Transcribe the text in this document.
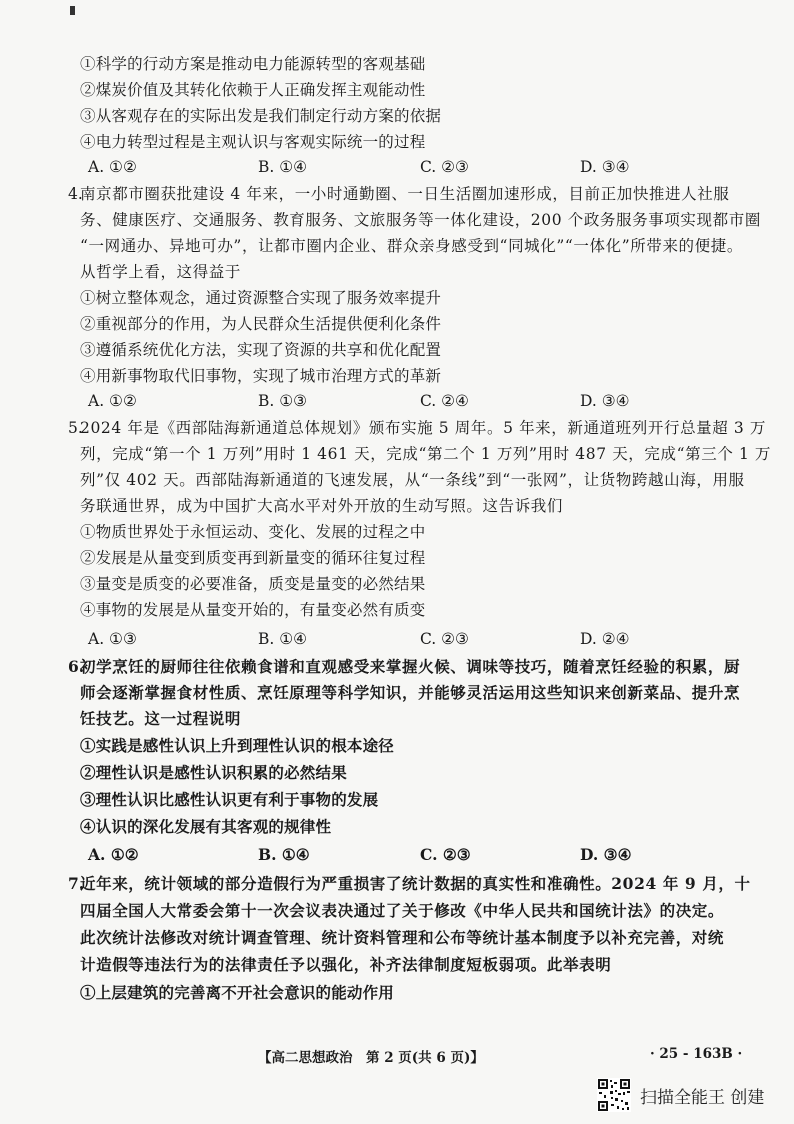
①科学的行动方案是推动电力能源转型的客观基础
②煤炭价值及其转化依赖于人正确发挥主观能动性
③从客观存在的实际出发是我们制定行动方案的依据
④电力转型过程是主观认识与客观实际统一的过程
A. ①②	B. ①④	C. ②③	D. ③④
4.
南京都市圈获批建设 4 年来，一小时通勤圈、一日生活圈加速形成，目前正加快推进人社服
务、健康医疗、交通服务、教育服务、文旅服务等一体化建设，200 个政务服务事项实现都市圈
“一网通办、异地可办”，让都市圈内企业、群众亲身感受到“同城化”“一体化”所带来的便捷。
从哲学上看，这得益于
①树立整体观念，通过资源整合实现了服务效率提升
②重视部分的作用，为人民群众生活提供便利化条件
③遵循系统优化方法，实现了资源的共享和优化配置
④用新事物取代旧事物，实现了城市治理方式的革新
A. ①②	B. ①③	C. ②④	D. ③④
5.
2024 年是《西部陆海新通道总体规划》颁布实施 5 周年。5 年来，新通道班列开行总量超 3 万
列，完成“第一个 1 万列”用时 1 461 天，完成“第二个 1 万列”用时 487 天，完成“第三个 1 万
列”仅 402 天。西部陆海新通道的飞速发展，从“一条线”到“一张网”，让货物跨越山海，用服
务联通世界，成为中国扩大高水平对外开放的生动写照。这告诉我们
①物质世界处于永恒运动、变化、发展的过程之中
②发展是从量变到质变再到新量变的循环往复过程
③量变是质变的必要准备，质变是量变的必然结果
④事物的发展是从量变开始的，有量变必然有质变
A. ①③	B. ①④	C. ②③	D. ②④
6.
初学烹饪的厨师往往依赖食谱和直观感受来掌握火候、调味等技巧，随着烹饪经验的积累，厨
师会逐渐掌握食材性质、烹饪原理等科学知识，并能够灵活运用这些知识来创新菜品、提升烹
饪技艺。这一过程说明
①实践是感性认识上升到理性认识的根本途径
②理性认识是感性认识积累的必然结果
③理性认识比感性认识更有利于事物的发展
④认识的深化发展有其客观的规律性
A. ①②	B. ①④	C. ②③	D. ③④
7.
近年来，统计领域的部分造假行为严重损害了统计数据的真实性和准确性。2024 年 9 月，十
四届全国人大常委会第十一次会议表决通过了关于修改《中华人民共和国统计法》的决定。
此次统计法修改对统计调查管理、统计资料管理和公布等统计基本制度予以补充完善，对统
计造假等违法行为的法律责任予以强化，补齐法律制度短板弱项。此举表明
①上层建筑的完善离不开社会意识的能动作用
【高二思想政治　第 2 页(共 6 页)】	· 25 - 163B ·
扫描全能王 创建
